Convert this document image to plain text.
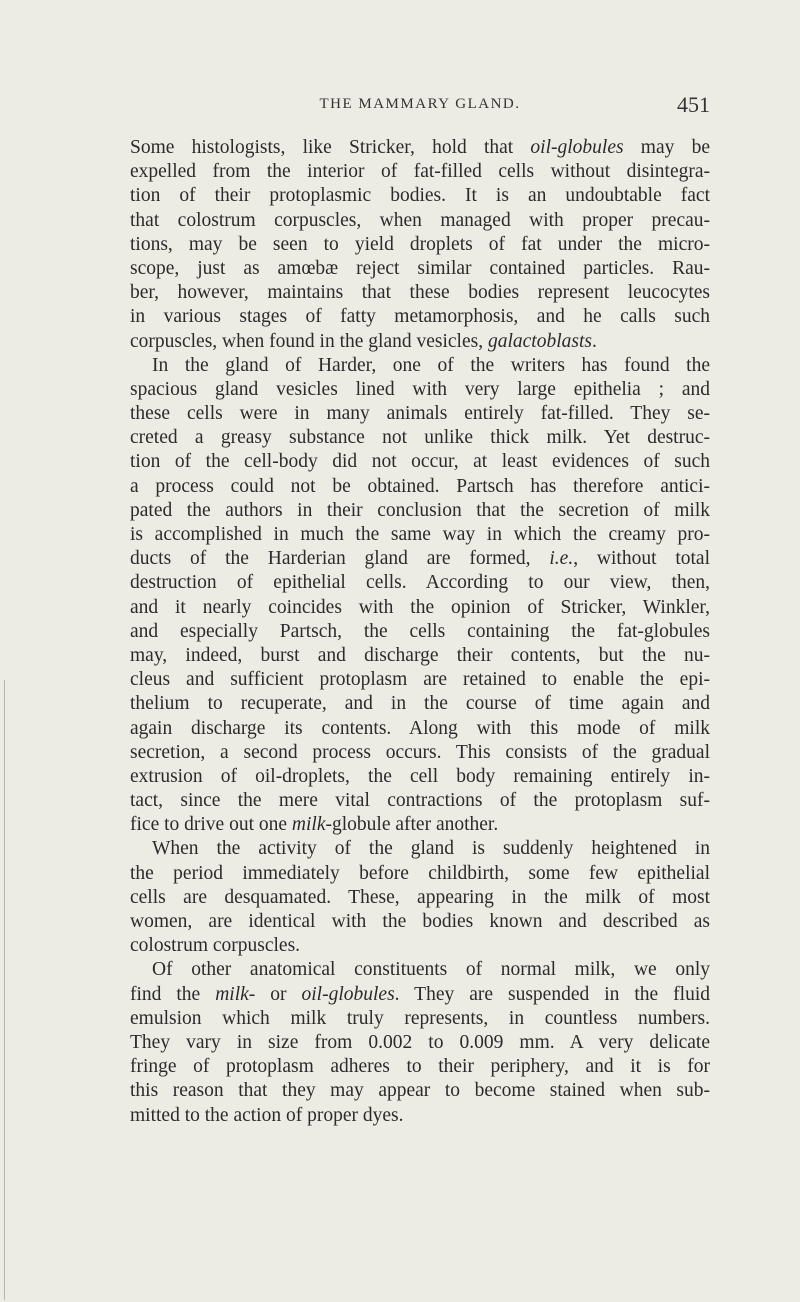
THE MAMMARY GLAND.	451
Some histologists, like Stricker, hold that oil-globules may be
expelled from the interior of fat-filled cells without disintegra-
tion of their protoplasmic bodies. It is an undoubtable fact
that colostrum corpuscles, when managed with proper precau-
tions, may be seen to yield droplets of fat under the micro-
scope, just as amœbæ reject similar contained particles. Rau-
ber, however, maintains that these bodies represent leucocytes
in various stages of fatty metamorphosis, and he calls such
corpuscles, when found in the gland vesicles, galactoblasts.
In the gland of Harder, one of the writers has found the
spacious gland vesicles lined with very large epithelia ; and
these cells were in many animals entirely fat-filled. They se-
creted a greasy substance not unlike thick milk. Yet destruc-
tion of the cell-body did not occur, at least evidences of such
a process could not be obtained. Partsch has therefore antici-
pated the authors in their conclusion that the secretion of milk
is accomplished in much the same way in which the creamy pro-
ducts of the Harderian gland are formed, i.e., without total
destruction of epithelial cells. According to our view, then,
and it nearly coincides with the opinion of Stricker, Winkler,
and especially Partsch, the cells containing the fat-globules
may, indeed, burst and discharge their contents, but the nu-
cleus and sufficient protoplasm are retained to enable the epi-
thelium to recuperate, and in the course of time again and
again discharge its contents. Along with this mode of milk
secretion, a second process occurs. This consists of the gradual
extrusion of oil-droplets, the cell body remaining entirely in-
tact, since the mere vital contractions of the protoplasm suf-
fice to drive out one milk-globule after another.
When the activity of the gland is suddenly heightened in
the period immediately before childbirth, some few epithelial
cells are desquamated. These, appearing in the milk of most
women, are identical with the bodies known and described as
colostrum corpuscles.
Of other anatomical constituents of normal milk, we only
find the milk- or oil-globules. They are suspended in the fluid
emulsion which milk truly represents, in countless numbers.
They vary in size from 0.002 to 0.009 mm. A very delicate
fringe of protoplasm adheres to their periphery, and it is for
this reason that they may appear to become stained when sub-
mitted to the action of proper dyes.
